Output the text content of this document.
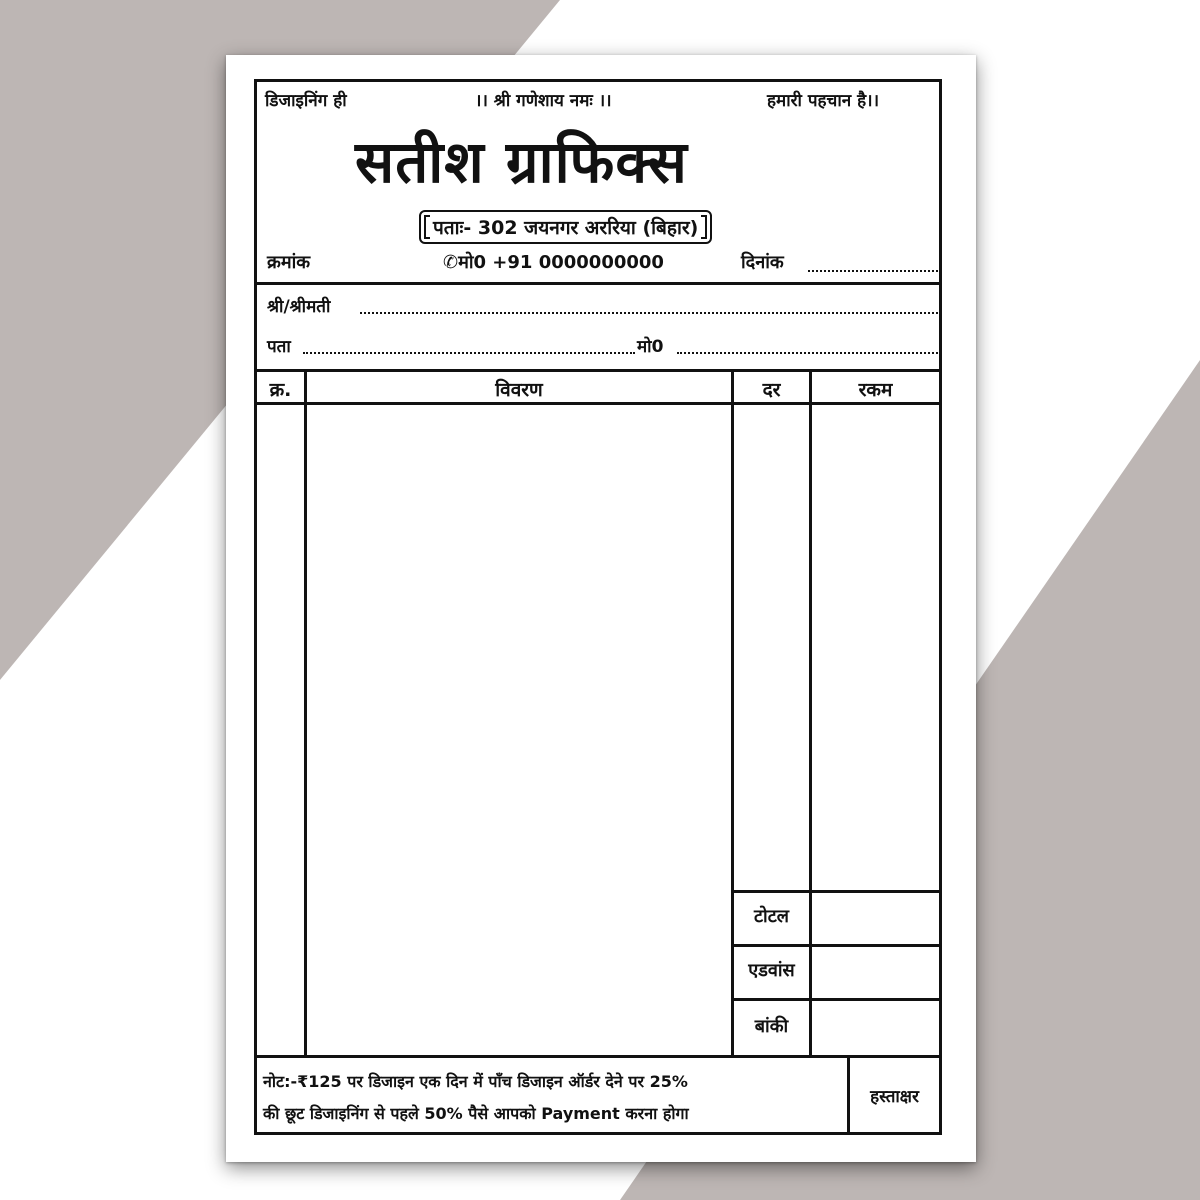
डिजाइनिंग ही	।। श्री गणेशाय नमः ।।	हमारी पहचान है।।
सतीश ग्राफिक्स
पताः- 302 जयनगर अररिया (बिहार)
क्रमांक	✆मो0 +91 0000000000	दिनांक
श्री/श्रीमती
पता	मो0
क्र.	विवरण	दर	रकम
टोटल
एडवांस
बांकी
नोट:-₹125 पर डिजाइन एक दिन में पाँच डिजाइन ऑर्डर देने पर 25%
की छूट डिजाइनिंग से पहले 50% पैसे आपको Payment करना होगा
हस्ताक्षर
